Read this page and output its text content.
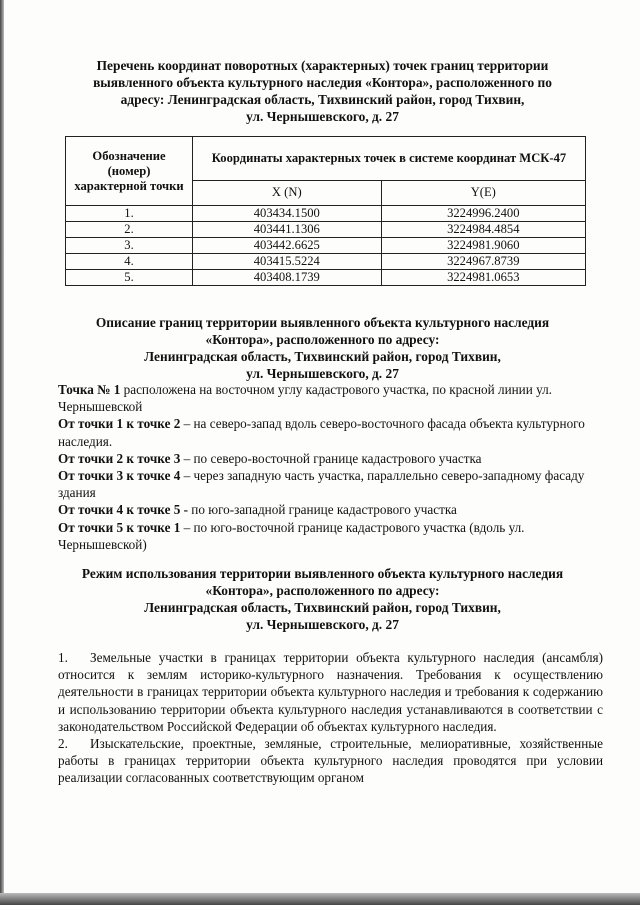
Перечень координат поворотных (характерных) точек границ территории
выявленного объекта культурного наследия «Контора», расположенного по
адресу: Ленинградская область, Тихвинский район, город Тихвин,
ул. Чернышевского, д. 27
Обозначение (номер) характерной точки	Координаты характерных точек в системе координат МСК-47	
	X (N)	Y(E)
1.	403434.1500	3224996.2400
2.	403441.1306	3224984.4854
3.	403442.6625	3224981.9060
4.	403415.5224	3224967.8739
5.	403408.1739	3224981.0653
Описание границ территории выявленного объекта культурного наследия
«Контора», расположенного по адресу:
Ленинградская область, Тихвинский район, город Тихвин,
ул. Чернышевского, д. 27

Точка № 1 расположена на восточном углу кадастрового участка, по красной линии ул. Чернышевской

От точки 1 к точке 2 – на северо-запад вдоль северо-восточного фасада объекта культурного наследия.

От точки 2 к точке 3 – по северо-восточной границе кадастрового участка

От точки 3 к точке 4 – через западную часть участка, параллельно северо-западному фасаду здания

От точки 4 к точке 5 - по юго-западной границе кадастрового участка

От точки 5 к точке 1 – по юго-восточной границе кадастрового участка (вдоль ул. Чернышевской)

Режим использования территории выявленного объекта культурного наследия
«Контора», расположенного по адресу:
Ленинградская область, Тихвинский район, город Тихвин,
ул. Чернышевского, д. 27

1. Земельные участки в границах территории объекта культурного наследия (ансамбля) относится к землям историко-культурного назначения. Требования к осуществлению деятельности в границах территории объекта культурного наследия и требования к содержанию и использованию территории объекта культурного наследия устанавливаются в соответствии с законодательством Российской Федерации об объектах культурного наследия.

2. Изыскательские, проектные, земляные, строительные, мелиоративные, хозяйственные работы в границах территории объекта культурного наследия проводятся при условии реализации согласованных соответствующим органом
